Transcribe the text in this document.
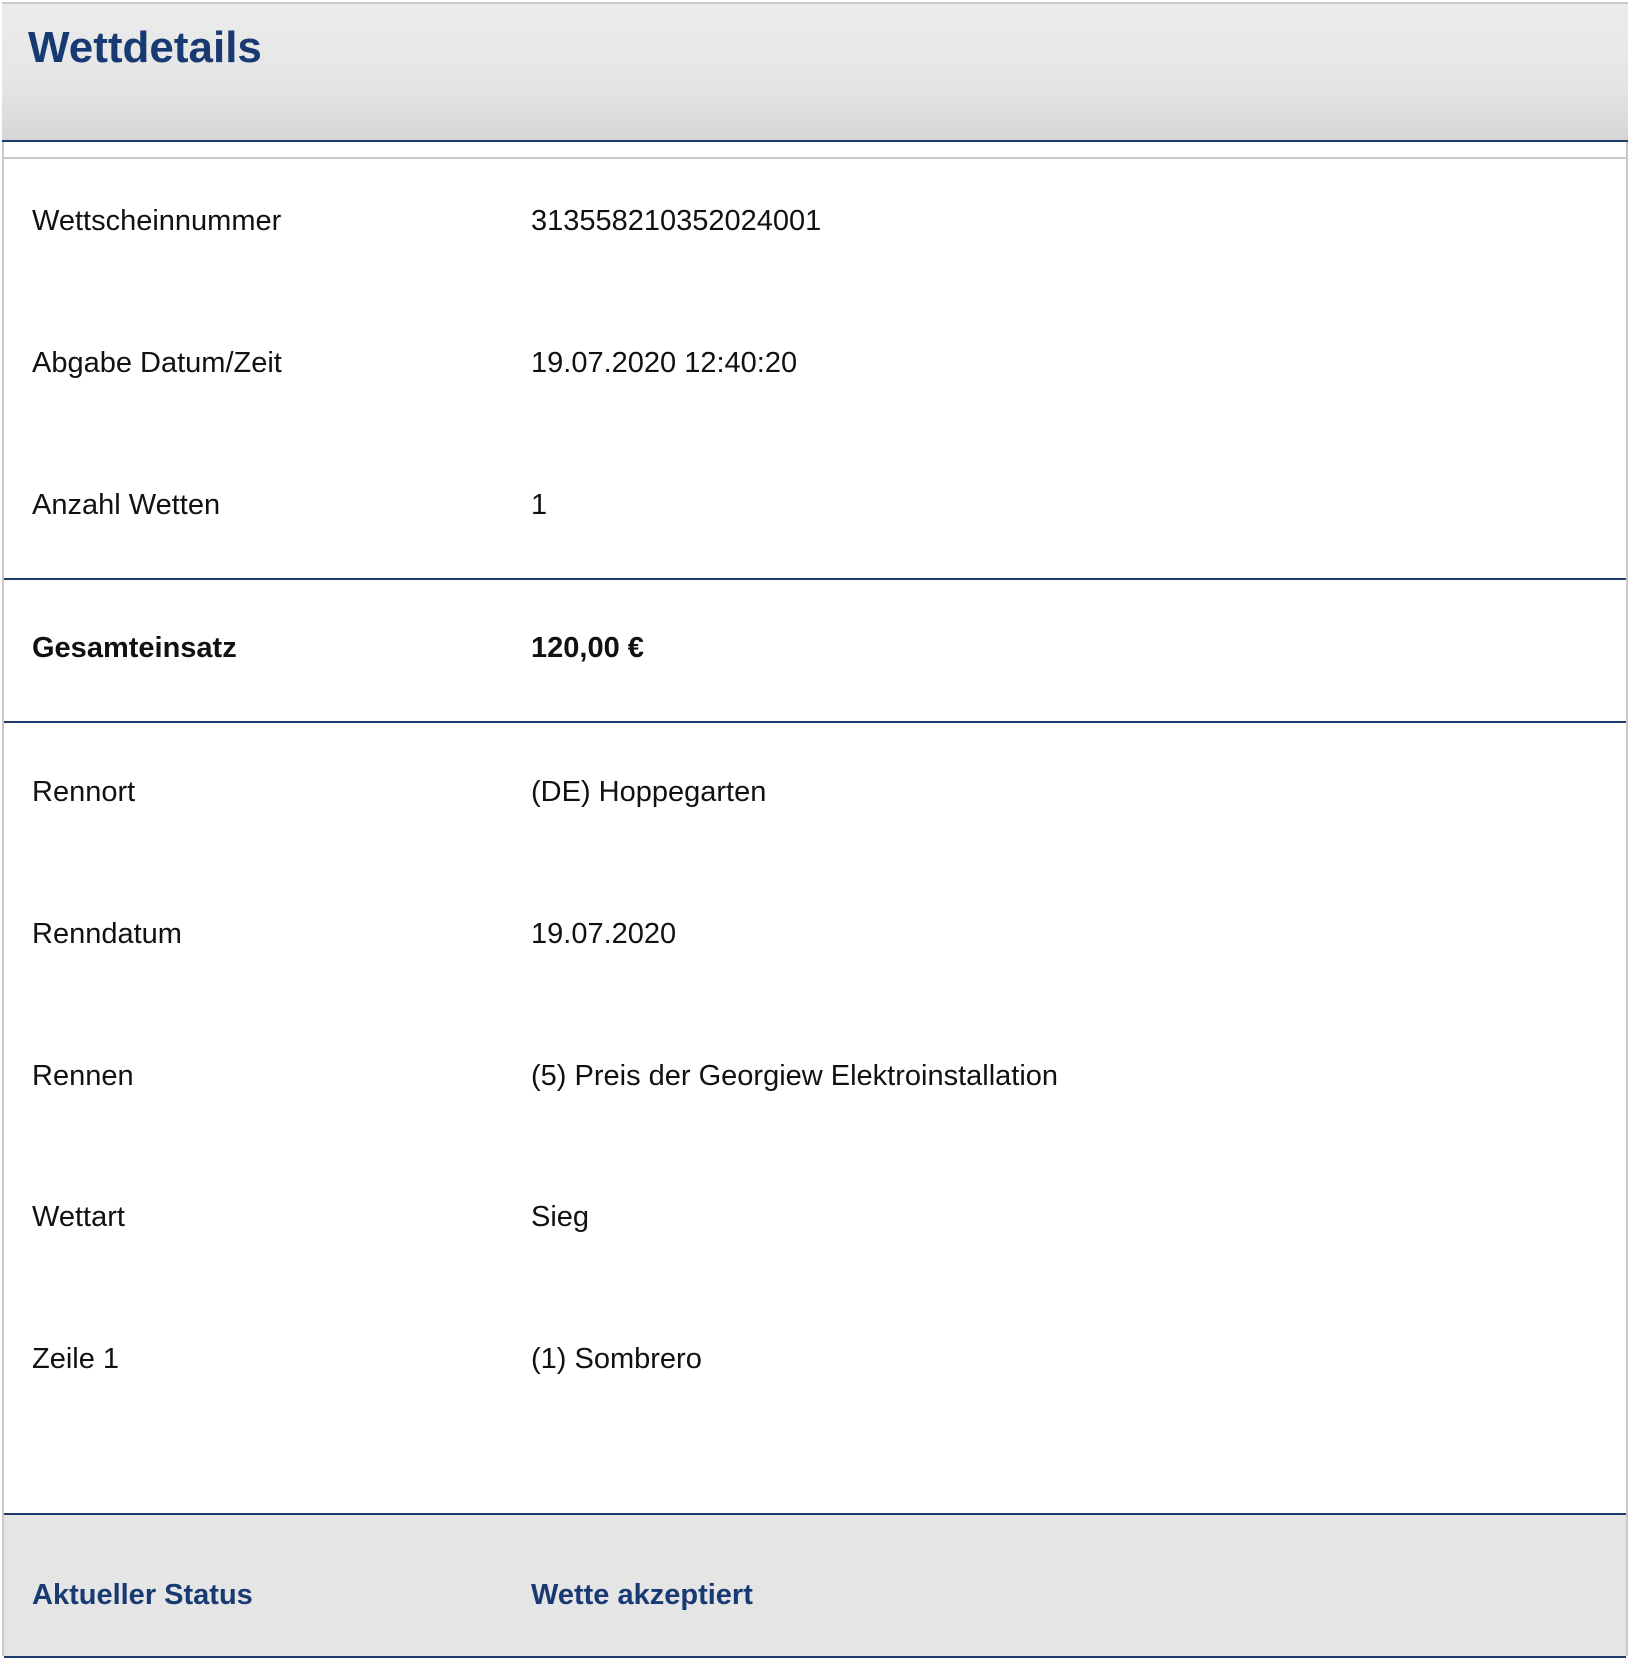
Wettdetails
Wettscheinnummer	313558210352024001
Abgabe Datum/Zeit	19.07.2020 12:40:20
Anzahl Wetten	1
Gesamteinsatz	120,00 €
Rennort	(DE) Hoppegarten
Renndatum	19.07.2020
Rennen	(5) Preis der Georgiew Elektroinstallation
Wettart	Sieg
Zeile 1	(1) Sombrero
Aktueller Status	Wette akzeptiert
